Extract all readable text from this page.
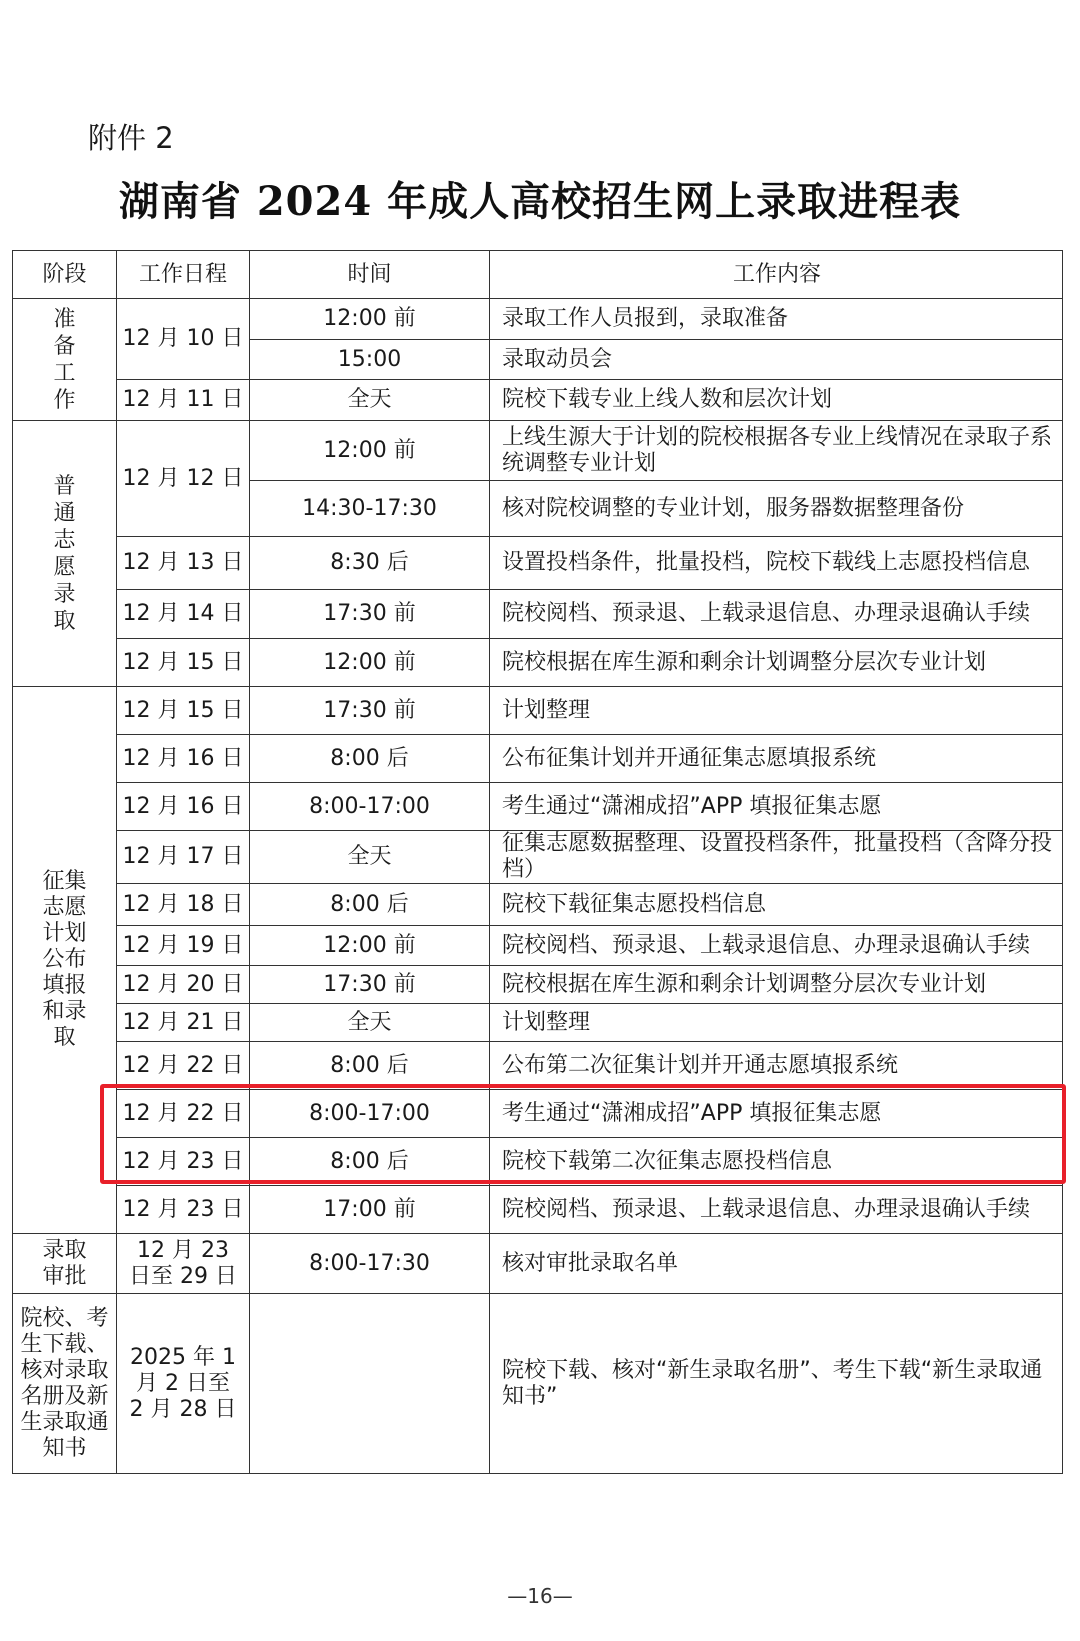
附件 2
湖南省 2024 年成人高校招生网上录取进程表
阶段	工作日程	时间	工作内容
准备工作	12 月 10 日	12:00 前	录取工作人员报到，录取准备
		15:00	录取动员会
	12 月 11 日	全天	院校下载专业上线人数和层次计划
普通志愿录取	12 月 12 日	12:00 前	上线生源大于计划的院校根据各专业上线情况在录取子系统调整专业计划
		14:30-17:30	核对院校调整的专业计划，服务器数据整理备份
	12 月 13 日	8:30 后	设置投档条件，批量投档，院校下载线上志愿投档信息
	12 月 14 日	17:30 前	院校阅档、预录退、上载录退信息、办理录退确认手续
	12 月 15 日	12:00 前	院校根据在库生源和剩余计划调整分层次专业计划

征集志愿计划公布填报和录取	12 月 15 日	17:30 前	计划整理
	12 月 16 日	8:00 后	公布征集计划并开通征集志愿填报系统
	12 月 16 日	8:00-17:00	考生通过“潇湘成招”APP 填报征集志愿
	12 月 17 日	全天	征集志愿数据整理、设置投档条件，批量投档（含降分投档）
	12 月 18 日	8:00 后	院校下载征集志愿投档信息
	12 月 19 日	12:00 前	院校阅档、预录退、上载录退信息、办理录退确认手续
	12 月 20 日	17:30 前	院校根据在库生源和剩余计划调整分层次专业计划
	12 月 21 日	全天	计划整理
	12 月 22 日	8:00 后	公布第二次征集计划并开通志愿填报系统
	12 月 22 日	8:00-17:00	考生通过“潇湘成招”APP 填报征集志愿
	12 月 23 日	8:00 后	院校下载第二次征集志愿投档信息
	12 月 23 日	17:00 前	院校阅档、预录退、上载录退信息、办理录退确认手续
录取审批	12 月 23 日至 29 日	8:00-17:30	核对审批录取名单
院校、考生下载、核对录取名册及新生录取通知书	2025 年 1 月 2 日至 2 月 28 日		院校下载、核对“新生录取名册”、考生下载“新生录取通知书”
—16—
